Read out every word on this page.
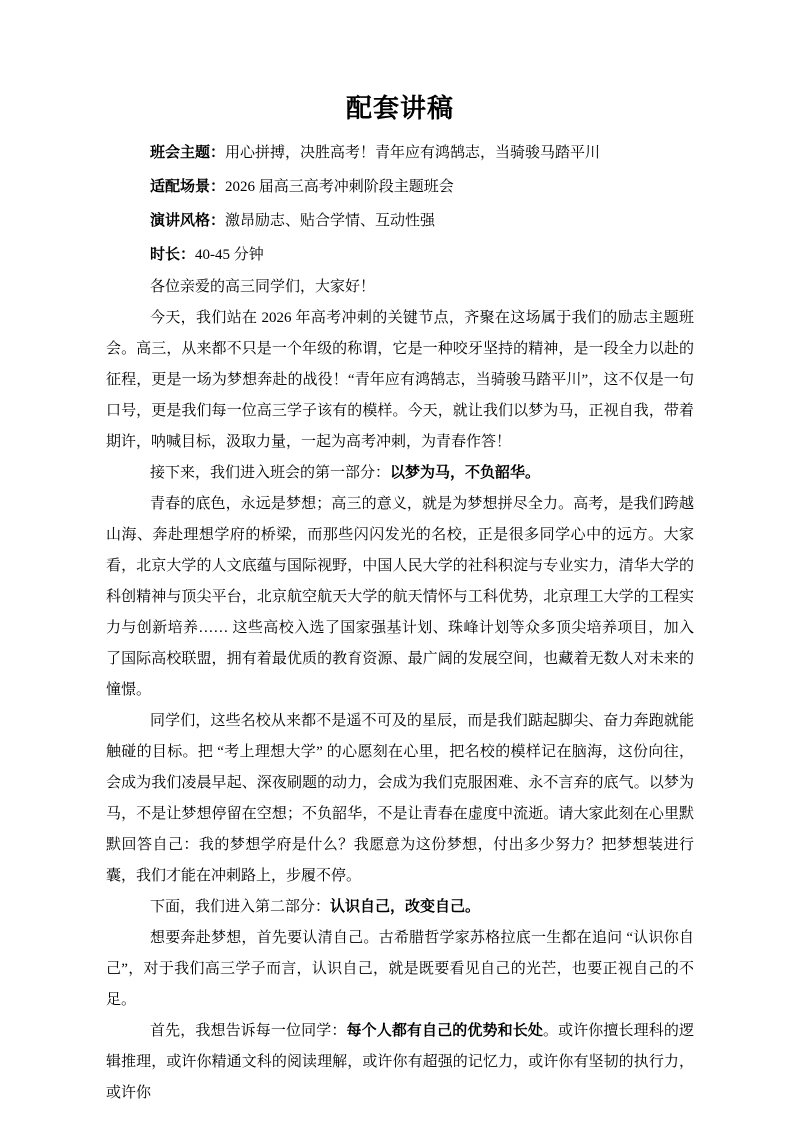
配套讲稿

班会主题：用心拼搏，决胜高考！青年应有鸿鹄志，当骑骏马踏平川

适配场景：2026 届高三高考冲刺阶段主题班会

演讲风格：激昂励志、贴合学情、互动性强

时长：40-45 分钟

各位亲爱的高三同学们，大家好！

今天，我们站在 2026 年高考冲刺的关键节点，齐聚在这场属于我们的励志主题班会。高三，从来都不只是一个年级的称谓，它是一种咬牙坚持的精神，是一段全力以赴的征程，更是一场为梦想奔赴的战役！“青年应有鸿鹄志，当骑骏马踏平川”，这不仅是一句口号，更是我们每一位高三学子该有的模样。今天，就让我们以梦为马，正视自我，带着期许，呐喊目标，汲取力量，一起为高考冲刺，为青春作答！

接下来，我们进入班会的第一部分：以梦为马，不负韶华。

青春的底色，永远是梦想；高三的意义，就是为梦想拼尽全力。高考，是我们跨越山海、奔赴理想学府的桥梁，而那些闪闪发光的名校，正是很多同学心中的远方。大家看，北京大学的人文底蕴与国际视野，中国人民大学的社科积淀与专业实力，清华大学的科创精神与顶尖平台，北京航空航天大学的航天情怀与工科优势，北京理工大学的工程实力与创新培养…… 这些高校入选了国家强基计划、珠峰计划等众多顶尖培养项目，加入了国际高校联盟，拥有着最优质的教育资源、最广阔的发展空间，也藏着无数人对未来的憧憬。

同学们，这些名校从来都不是遥不可及的星辰，而是我们踮起脚尖、奋力奔跑就能触碰的目标。把 “考上理想大学” 的心愿刻在心里，把名校的模样记在脑海，这份向往，会成为我们凌晨早起、深夜刷题的动力，会成为我们克服困难、永不言弃的底气。以梦为马，不是让梦想停留在空想；不负韶华，不是让青春在虚度中流逝。请大家此刻在心里默默回答自己：我的梦想学府是什么？我愿意为这份梦想，付出多少努力？把梦想装进行囊，我们才能在冲刺路上，步履不停。

下面，我们进入第二部分：认识自己，改变自己。

想要奔赴梦想，首先要认清自己。古希腊哲学家苏格拉底一生都在追问 “认识你自己”，对于我们高三学子而言，认识自己，就是既要看见自己的光芒，也要正视自己的不足。

首先，我想告诉每一位同学：每个人都有自己的优势和长处。或许你擅长理科的逻辑推理，或许你精通文科的阅读理解，或许你有超强的记忆力，或许你有坚韧的执行力，或许你
